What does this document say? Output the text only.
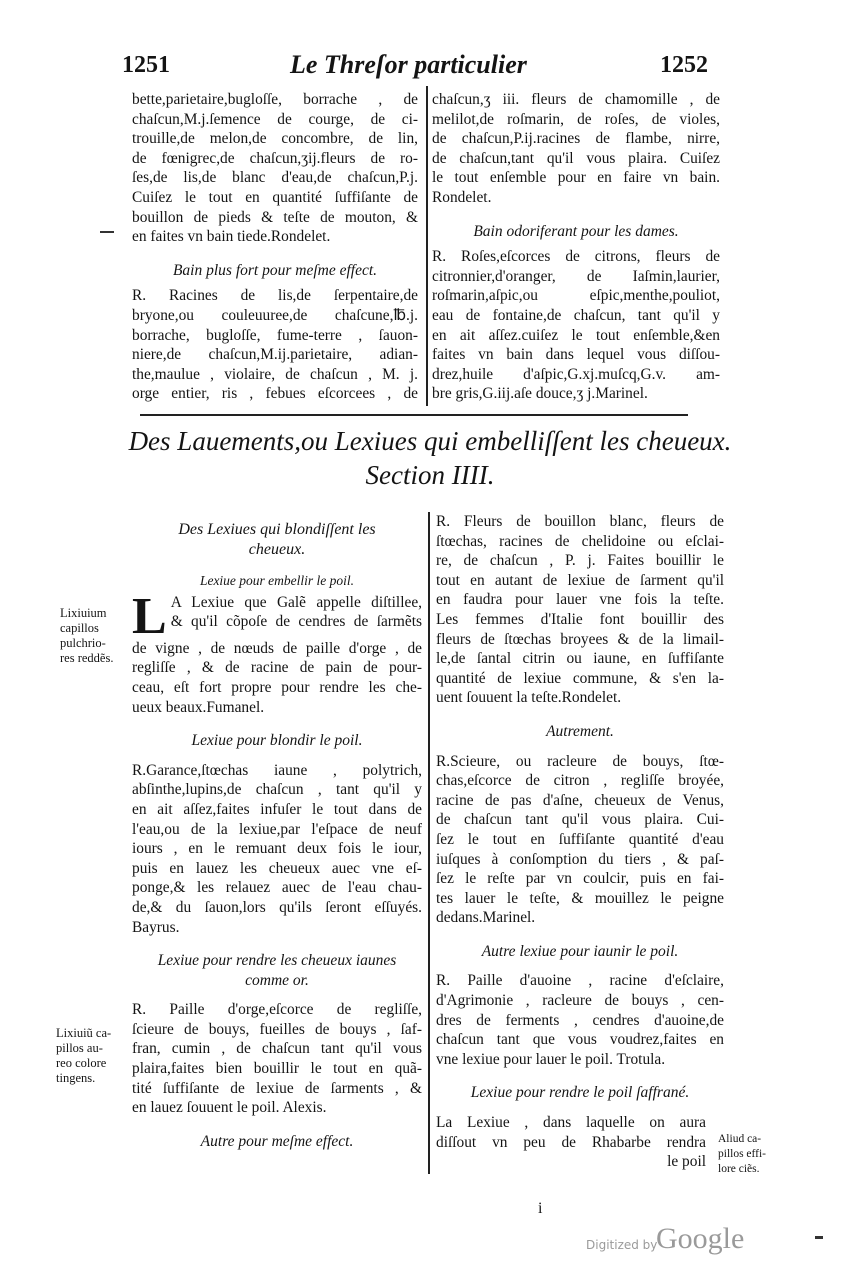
1251	Le Threſor particulier	1252
bette,parietaire,bugloſſe, borrache , de
chaſcun,M.j.ſemence de courge, de ci-
trouille,de melon,de concombre, de lin,
de fœnigrec,de chaſcun,ʒij.fleurs de ro-
ſes,de lis,de blanc d'eau,de chaſcun,P.j.
Cuiſez le tout en quantité ſuffiſante de
bouillon de pieds & teſte de mouton, &
en faites vn bain tiede.Rondelet.
Bain plus fort pour meſme effect.
R. Racines de lis,de ſerpentaire,de
bryone,ou couleuuree,de chaſcune,℔.j.
borrache, bugloſſe, fume-terre , ſauon-
niere,de chaſcun,M.ij.parietaire, adian-
the,maulue , violaire, de chaſcun , M. j.
orge entier, ris , febues eſcorcees , de
chaſcun,ʒ iii. fleurs de chamomille , de
melilot,de roſmarin, de roſes, de violes,
de chaſcun,P.ij.racines de flambe, nirre,
de chaſcun,tant qu'il vous plaira. Cuiſez
le tout enſemble pour en faire vn bain.
Rondelet.
Bain odoriferant pour les dames.
R. Roſes,eſcorces de citrons, fleurs de
citronnier,d'oranger, de Iaſmin,laurier,
roſmarin,aſpic,ou eſpic,menthe,pouliot,
eau de fontaine,de chaſcun, tant qu'il y
en ait aſſez.cuiſez le tout enſemble,&en
faites vn bain dans lequel vous diſſou-
drez,huile d'aſpic,G.xj.muſcq,G.v. am-
bre gris,G.iij.aſe douce,ʒ j.Marinel.
Des Lauements,ou Lexiues qui embelliſſent les cheueux.
Section IIII.
Des Lexiues qui blondiſſent les cheueux.
Lexiue pour embellir le poil.
L A Lexiue que Galẽ appelle diſtillee,
& qu'il cõpoſe de cendres de ſarmẽts
de vigne , de nœuds de paille d'orge , de
regliſſe , & de racine de pain de pour-
ceau, eſt fort propre pour rendre les che-
ueux beaux.Fumanel.
Lexiue pour blondir le poil.
R.Garance,ſtœchas iaune , polytrich,
abſinthe,lupins,de chaſcun , tant qu'il y
en ait aſſez,faites infuſer le tout dans de
l'eau,ou de la lexiue,par l'eſpace de neuf
iours , en le remuant deux fois le iour,
puis en lauez les cheueux auec vne eſ-
ponge,& les relauez auec de l'eau chau-
de,& du ſauon,lors qu'ils ſeront eſſuyés.
Bayrus.
Lexiue pour rendre les cheueux iaunes comme or.
R. Paille d'orge,eſcorce de regliſſe,
ſcieure de bouys, fueilles de bouys , ſaf-
fran, cumin , de chaſcun tant qu'il vous
plaira,faites bien bouillir le tout en quã-
tité ſuffiſante de lexiue de ſarments , &
en lauez ſouuent le poil. Alexis.
Autre pour meſme effect.
R. Fleurs de bouillon blanc, fleurs de
ſtœchas, racines de chelidoine ou eſclai-
re, de chaſcun , P. j. Faites bouillir le
tout en autant de lexiue de ſarment qu'il
en faudra pour lauer vne fois la teſte.
Les femmes d'Italie font bouillir des
fleurs de ſtœchas broyees & de la limail-
le,de ſantal citrin ou iaune, en ſuffiſante
quantité de lexiue commune, & s'en la-
uent ſouuent la teſte.Rondelet.
Autrement.
R.Scieure, ou racleure de bouys, ſtœ-
chas,eſcorce de citron , regliſſe broyée,
racine de pas d'aſne, cheueux de Venus,
de chaſcun tant qu'il vous plaira. Cui-
ſez le tout en ſuffiſante quantité d'eau
iuſques à conſomption du tiers , & paſ-
ſez le reſte par vn coulcir, puis en fai-
tes lauer le teſte, & mouillez le peigne
dedans.Marinel.
Autre lexiue pour iaunir le poil.
R. Paille d'auoine , racine d'eſclaire,
d'Agrimonie , racleure de bouys , cen-
dres de ferments , cendres d'auoine,de
chaſcun tant que vous voudrez,faites en
vne lexiue pour lauer le poil. Trotula.
Lexiue pour rendre le poil ſaffrané.
La Lexiue , dans laquelle on aura
diſſout vn peu de Rhabarbe rendra
le poil
Lixiuium
capillos
pulchrio-
res reddẽs.
Lixiuiũ ca-
pillos au-
reo colore
tingens.
Aliud ca-
pillos effi-
lore ciẽs.
i
Digitized by
Google
